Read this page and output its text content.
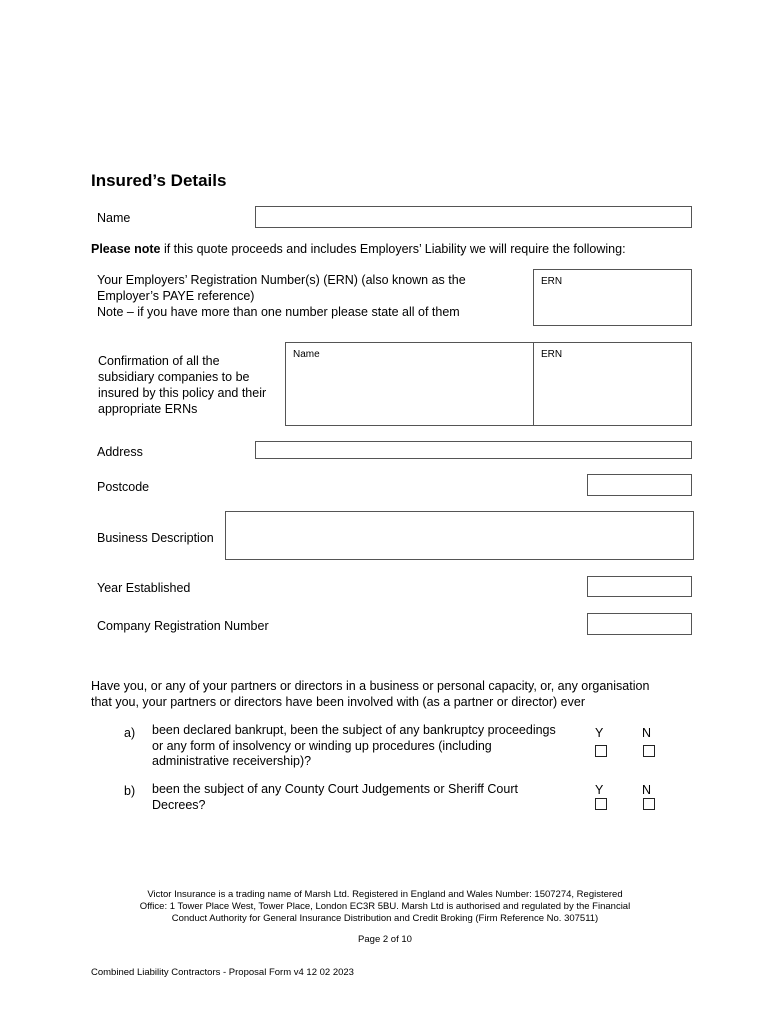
Insured’s Details
Name
Please note if this quote proceeds and includes Employers’ Liability we will require the following:
Your Employers’ Registration Number(s) (ERN) (also known as the
Employer’s PAYE reference)
Note – if you have more than one number please state all of them
ERN
Confirmation of all the
subsidiary companies to be
insured by this policy and their
appropriate ERNs
Name	ERN
Address
Postcode
Business Description
Year Established
Company Registration Number
Have you, or any of your partners or directors in a business or personal capacity, or, any organisation
that you, your partners or directors have been involved with (as a partner or director) ever
a) been declared bankrupt, been the subject of any bankruptcy proceedings
or any form of insolvency or winding up procedures (including
administrative receivership)?
Y	N
b) been the subject of any County Court Judgements or Sheriff Court
Decrees?
Y	N
Victor Insurance is a trading name of Marsh Ltd. Registered in England and Wales Number: 1507274, Registered
Office: 1 Tower Place West, Tower Place, London EC3R 5BU. Marsh Ltd is authorised and regulated by the Financial
Conduct Authority for General Insurance Distribution and Credit Broking (Firm Reference No. 307511)
Page 2 of 10
Combined Liability Contractors - Proposal Form v4 12 02 2023
